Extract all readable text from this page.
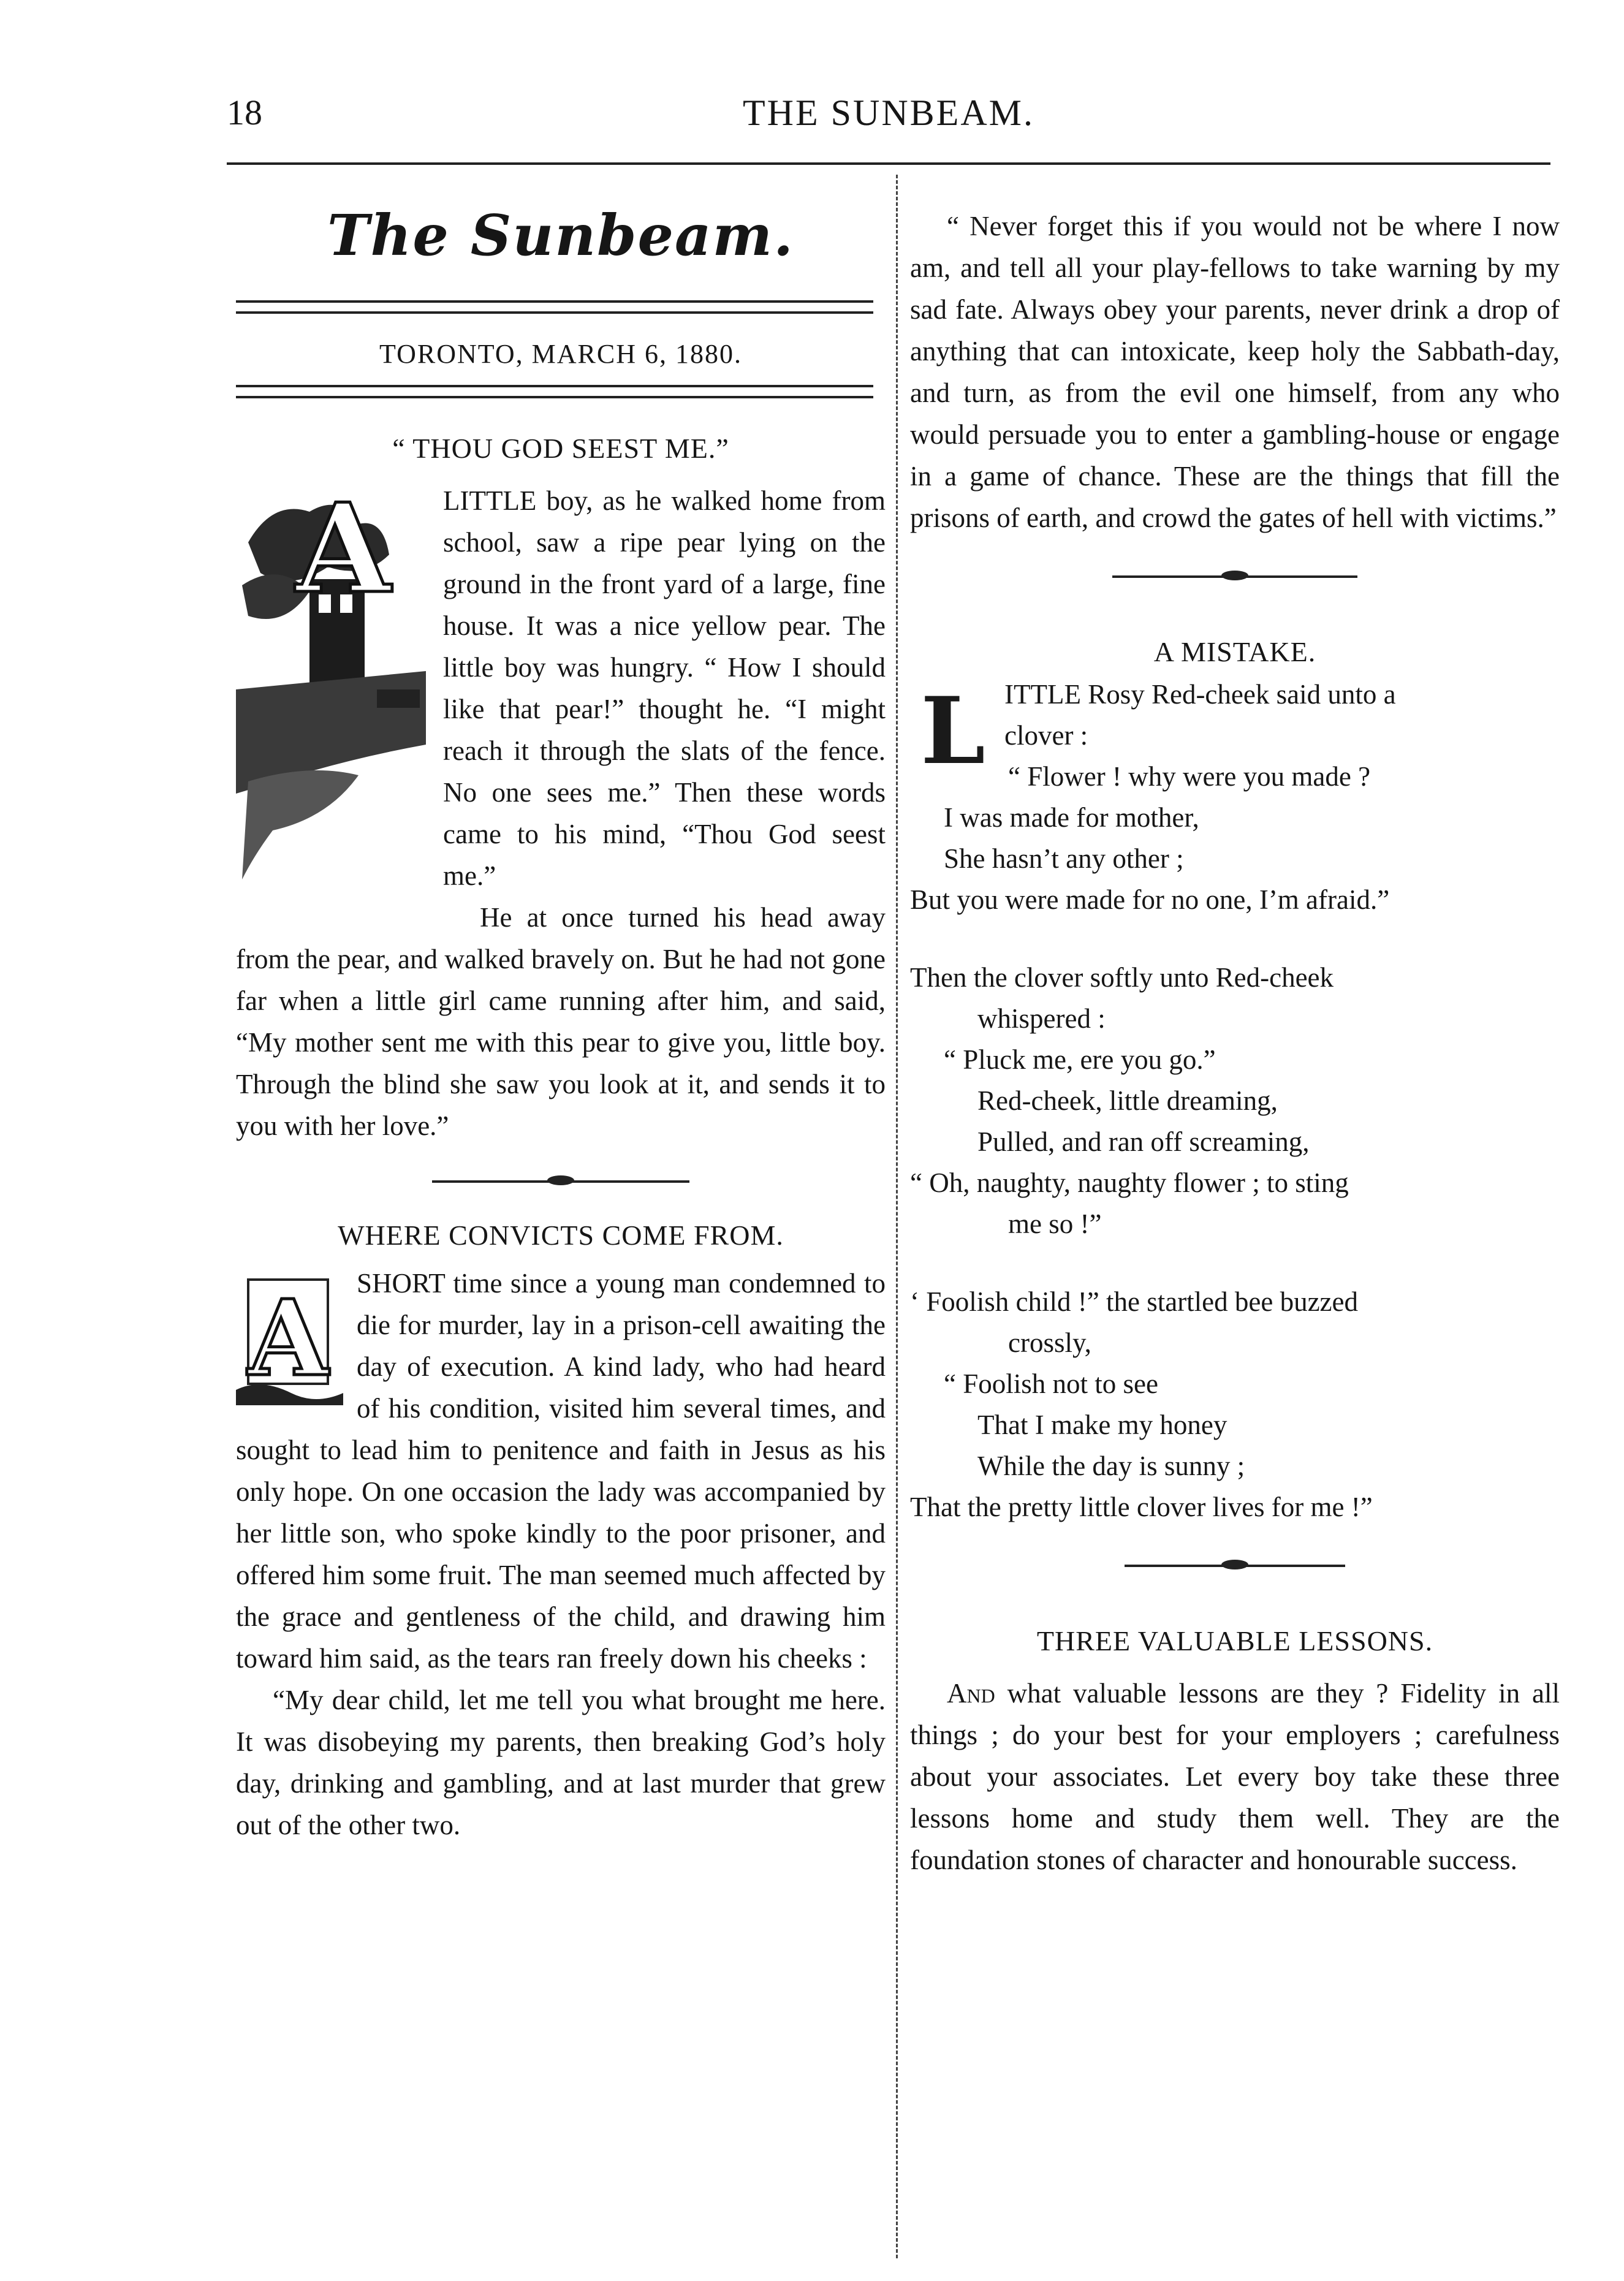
18	THE SUNBEAM.
The Sunbeam.
TORONTO, MARCH 6, 1880.
“ THOU GOD SEEST ME.”
A	LITTLE boy, as he walked home from school, saw a ripe pear lying on the ground in the front yard of a large, fine house. It was a nice yellow pear. The little boy was hungry. “ How I should like that pear!” thought he. “I might reach it through the slats of the fence. No one sees me.” Then these words came to his mind, “Thou God seest me.”

He at once turned his head away from the pear, and walked bravely on. But he had not gone far when a little girl came running after him, and said, “My mother sent me with this pear to give you, little boy. Through the blind she saw you look at it, and sends it to you with her love.”

WHERE CONVICTS COME FROM.
A	SHORT time since a young man condemned to die for murder, lay in a prison-cell awaiting the day of execution. A kind lady, who had heard of his condition, visited him several times, and sought to lead him to penitence and faith in Jesus as his only hope. On one occasion the lady was accompanied by her little son, who spoke kindly to the poor prisoner, and offered him some fruit. The man seemed much affected by the grace and gentleness of the child, and drawing him toward him said, as the tears ran freely down his cheeks :

“My dear child, let me tell you what brought me here. It was disobeying my parents, then breaking God’s holy day, drinking and gambling, and at last murder that grew out of the other two.

“ Never forget this if you would not be where I now am, and tell all your play-fellows to take warning by my sad fate. Always obey your parents, never drink a drop of anything that can intoxicate, keep holy the Sabbath-day, and turn, as from the evil one himself, from any who would persuade you to enter a gambling-house or engage in a game of chance. These are the things that fill the prisons of earth, and crowd the gates of hell with victims.”

A MISTAKE.
L ITTLE Rosy Red-cheek said unto a
clover :
“ Flower ! why were you made ?
I was made for mother,
She hasn’t any other ;
But you were made for no one, I’m afraid.”
Then the clover softly unto Red-cheek
whispered :
“ Pluck me, ere you go.”
Red-cheek, little dreaming,
Pulled, and ran off screaming,
“ Oh, naughty, naughty flower ; to sting
me so !”
‘ Foolish child !” the startled bee buzzed
crossly,
“ Foolish not to see
That I make my honey
While the day is sunny ;
That the pretty little clover lives for me !”
THREE VALUABLE LESSONS.

And what valuable lessons are they ? Fidelity in all things ; do your best for your employers ; carefulness about your associates. Let every boy take these three lessons home and study them well. They are the foundation stones of character and honourable success.
